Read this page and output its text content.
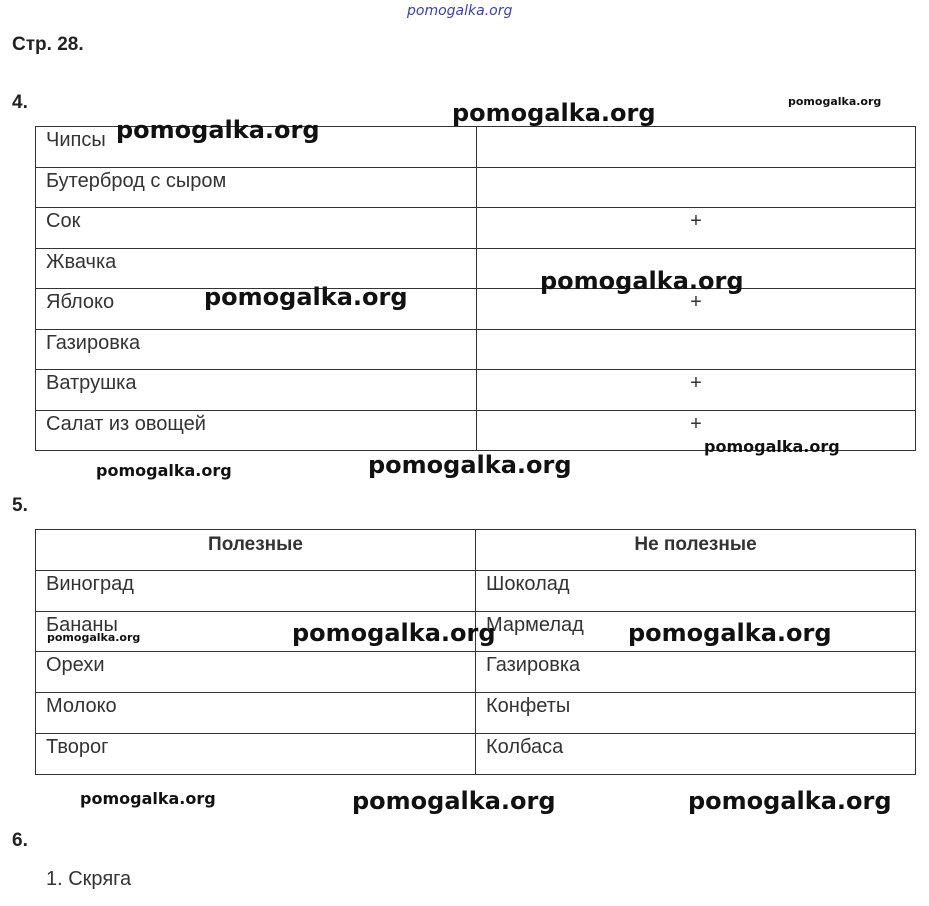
pomogalka.org
Стр. 28.
4.
Чипсы	
Бутерброд с сыром	
Сок	+
Жвачка	
Яблоко	+
Газировка	
Ватрушка	+
Салат из овощей	+
5.
Полезные	Не полезные
Виноград	Шоколад
Бананы	Мармелад
Орехи	Газировка
Молоко	Конфеты
Творог	Колбаса
6.
1. Скряга
pomogalka.org	pomogalka.org
pomogalka.org
pomogalka.org
pomogalka.org
pomogalka.org
pomogalka.org	pomogalka.org
pomogalka.org	pomogalka.org	pomogalka.org
pomogalka.org	pomogalka.org	pomogalka.org
